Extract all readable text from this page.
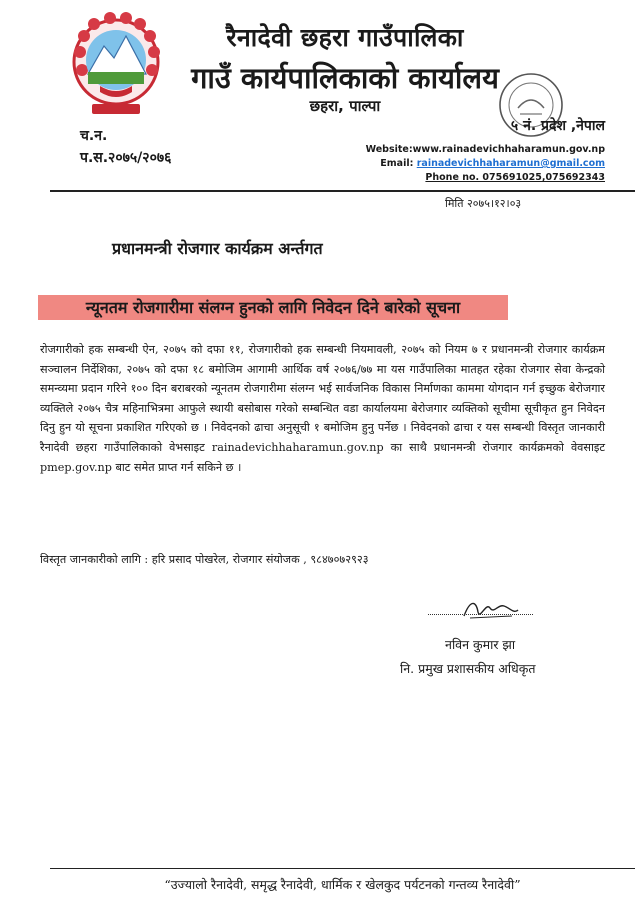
रैनादेवी छहरा गाउँपालिका
गाउँ कार्यपालिकाको कार्यालय
छहरा, पाल्पा
च.न.
प.स.२०७५/२०७६
५ नं. प्रदेश ,नेपाल
Website:www.rainadevichhaharamun.gov.np
Email: rainadevichhaharamun@gmail.com
Phone no. 075691025,075692343
मिति २०७५।१२।०३
प्रधानमन्त्री रोजगार कार्यक्रम अर्न्तगत
न्यूनतम रोजगारीमा संलग्न हुनको लागि निवेदन दिने बारेको सूचना
रोजगारीको हक सम्बन्धी ऐन, २०७५ को दफा ११, रोजगारीको हक सम्बन्धी नियमावली, २०७५ को नियम ७ र प्रधानमन्त्री रोजगार कार्यक्रम सञ्चालन निर्देशिका, २०७५ को दफा १८ बमोजिम आगामी आर्थिक वर्ष २०७६/७७ मा यस गाउँपालिका मातहत रहेका रोजगार सेवा केन्द्रको समन्व्यमा प्रदान गरिने १०० दिन बराबरको न्यूनतम रोजगारीमा संलग्न भई सार्वजनिक विकास निर्माणका काममा योगदान गर्न इच्छुक बेरोजगार व्यक्तिले २०७५ चैत्र महिनाभित्रमा आफुले स्थायी बसोबास गरेको सम्बन्धित वडा कार्यालयमा बेरोजगार व्यक्तिको सूचीमा सूचीकृत हुन निवेदन दिनु हुन यो सूचना प्रकाशित गरिएको छ । निवेदनको ढाचा अनुसूची १ बमोजिम हुनु पर्नेछ । निवेदनको ढाचा र यस सम्बन्धी विस्तृत जानकारी रैनादेवी छहरा गाउँपालिकाको वेभसाइट rainadevichhaharamun.gov.np का साथै प्रधानमन्त्री रोजगार कार्यक्रमको वेवसाइट pmep.gov.np बाट समेत प्राप्त गर्न सकिने छ ।
विस्तृत जानकारीको लागि : हरि प्रसाद पोखरेल, रोजगार संयोजक , ९८४७०७२९२३
नविन कुमार झा
नि. प्रमुख प्रशासकीय अधिकृत
“उज्यालो रैनादेवी, समृद्ध रैनादेवी, धार्मिक र खेलकुद पर्यटनको गन्तव्य रैनादेवी”
